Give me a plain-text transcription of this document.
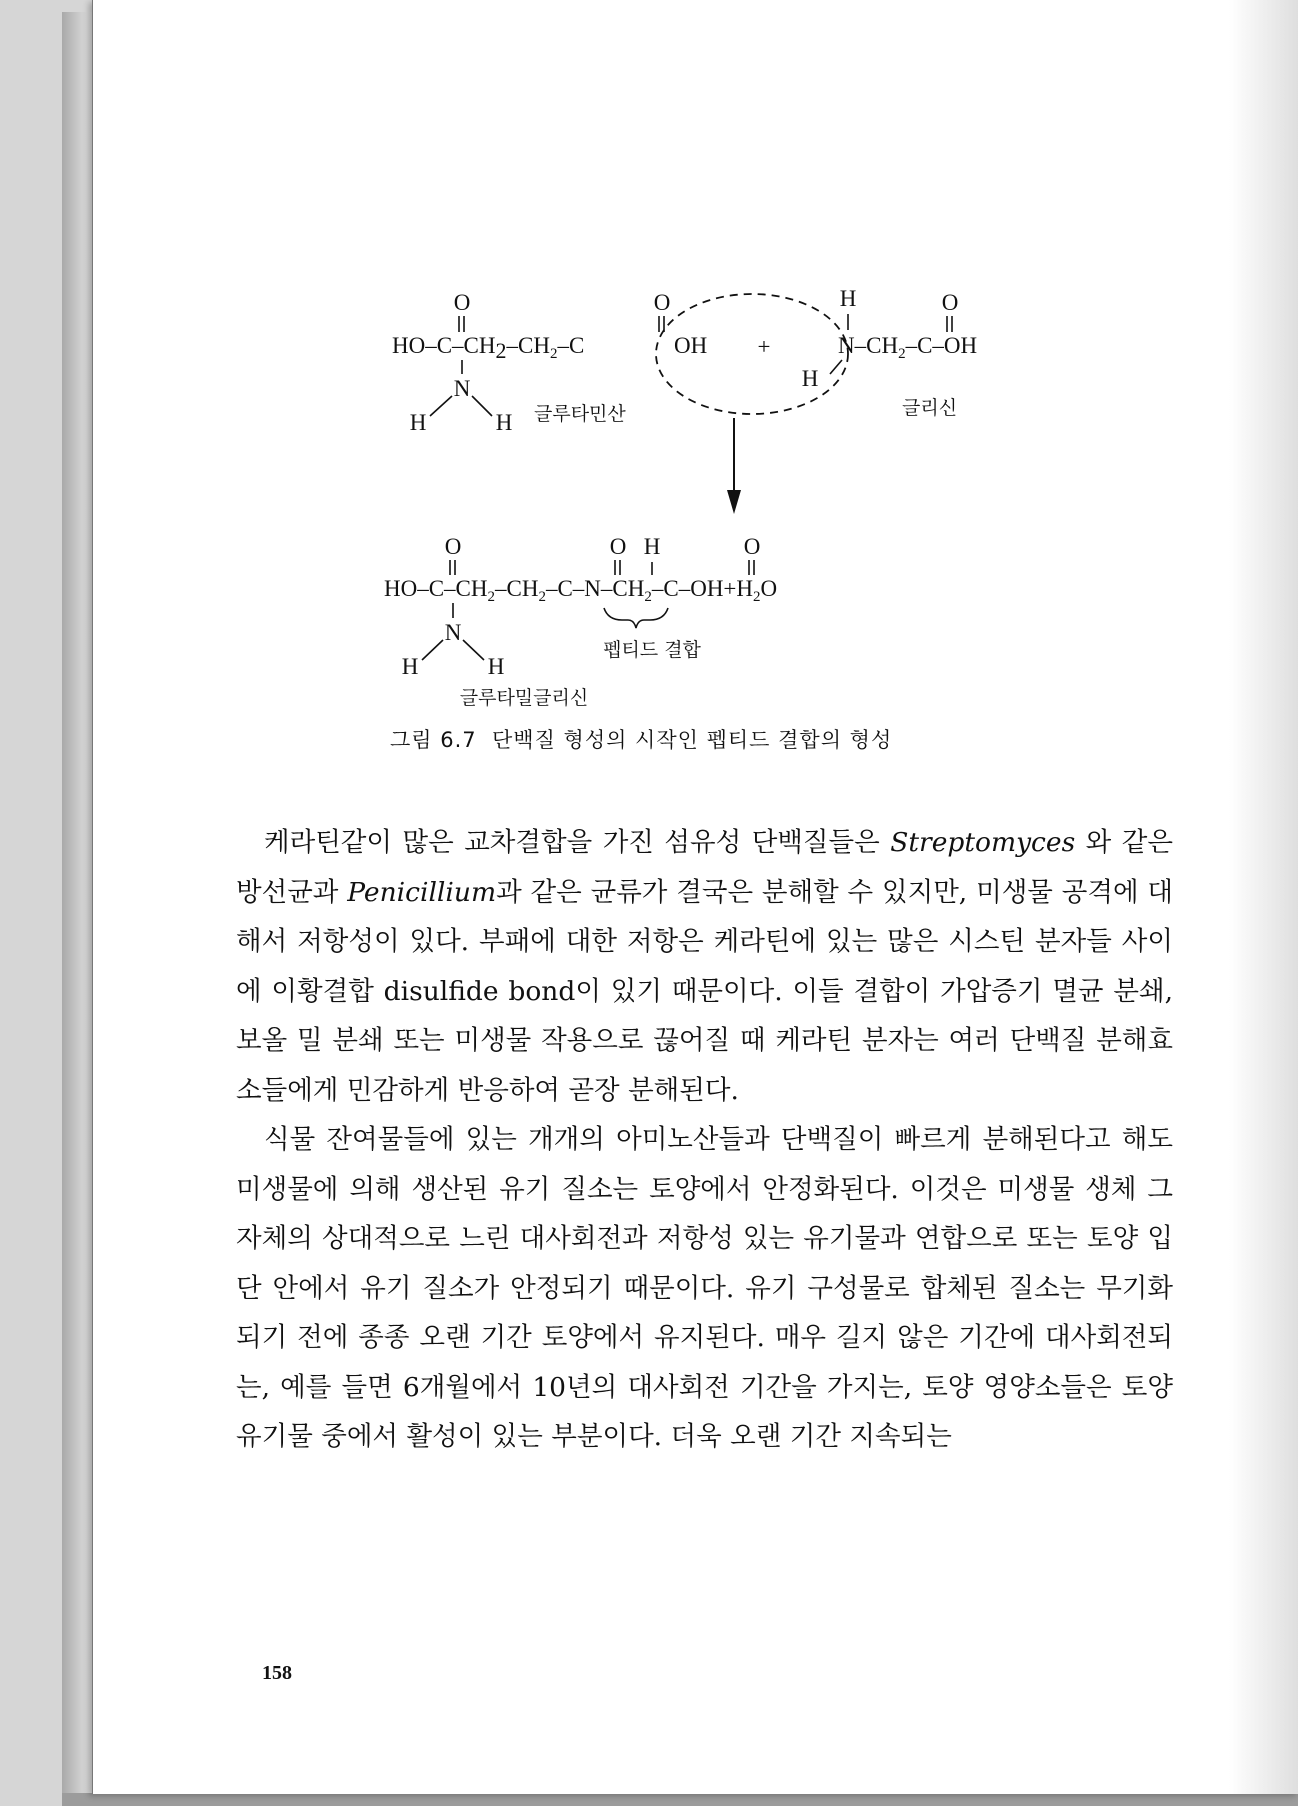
O	O
$HO-C-CH2-CH_2-C$	OH
N
H	H 글루타민산
+
H	O
$N-CH_2-C-OH$
H
글리신
O	O H	O
$HO-C-CH_2-CH_2-C-N-CH_2-C-OH+H_2O$
N
H	H
펩티드 결합
글루타밀글리신
그림 6.7  단백질 형성의 시작인 펩티드 결합의 형성

케라틴같이 많은 교차결합을 가진 섬유성 단백질들은 Streptomyces 와 같은 방선균과 Penicillium과 같은 균류가 결국은 분해할 수 있지만, 미생물 공격에 대해서 저항성이 있다. 부패에 대한 저항은 케라틴에 있는 많은 시스틴 분자들 사이에 이황결합 disulfide bond이 있기 때문이다. 이들 결합이 가압증기 멸균 분쇄, 보올 밀 분쇄 또는 미생물 작용으로 끊어질 때 케라틴 분자는 여러 단백질 분해효소들에게 민감하게 반응하여 곧장 분해된다.

식물 잔여물들에 있는 개개의 아미노산들과 단백질이 빠르게 분해된다고 해도 미생물에 의해 생산된 유기 질소는 토양에서 안정화된다. 이것은 미생물 생체 그 자체의 상대적으로 느린 대사회전과 저항성 있는 유기물과 연합으로 또는 토양 입단 안에서 유기 질소가 안정되기 때문이다. 유기 구성물로 합체된 질소는 무기화되기 전에 종종 오랜 기간 토양에서 유지된다. 매우 길지 않은 기간에 대사회전되는, 예를 들면 6개월에서 10년의 대사회전 기간을 가지는, 토양 영양소들은 토양 유기물 중에서 활성이 있는 부분이다. 더욱 오랜 기간 지속되는

158
